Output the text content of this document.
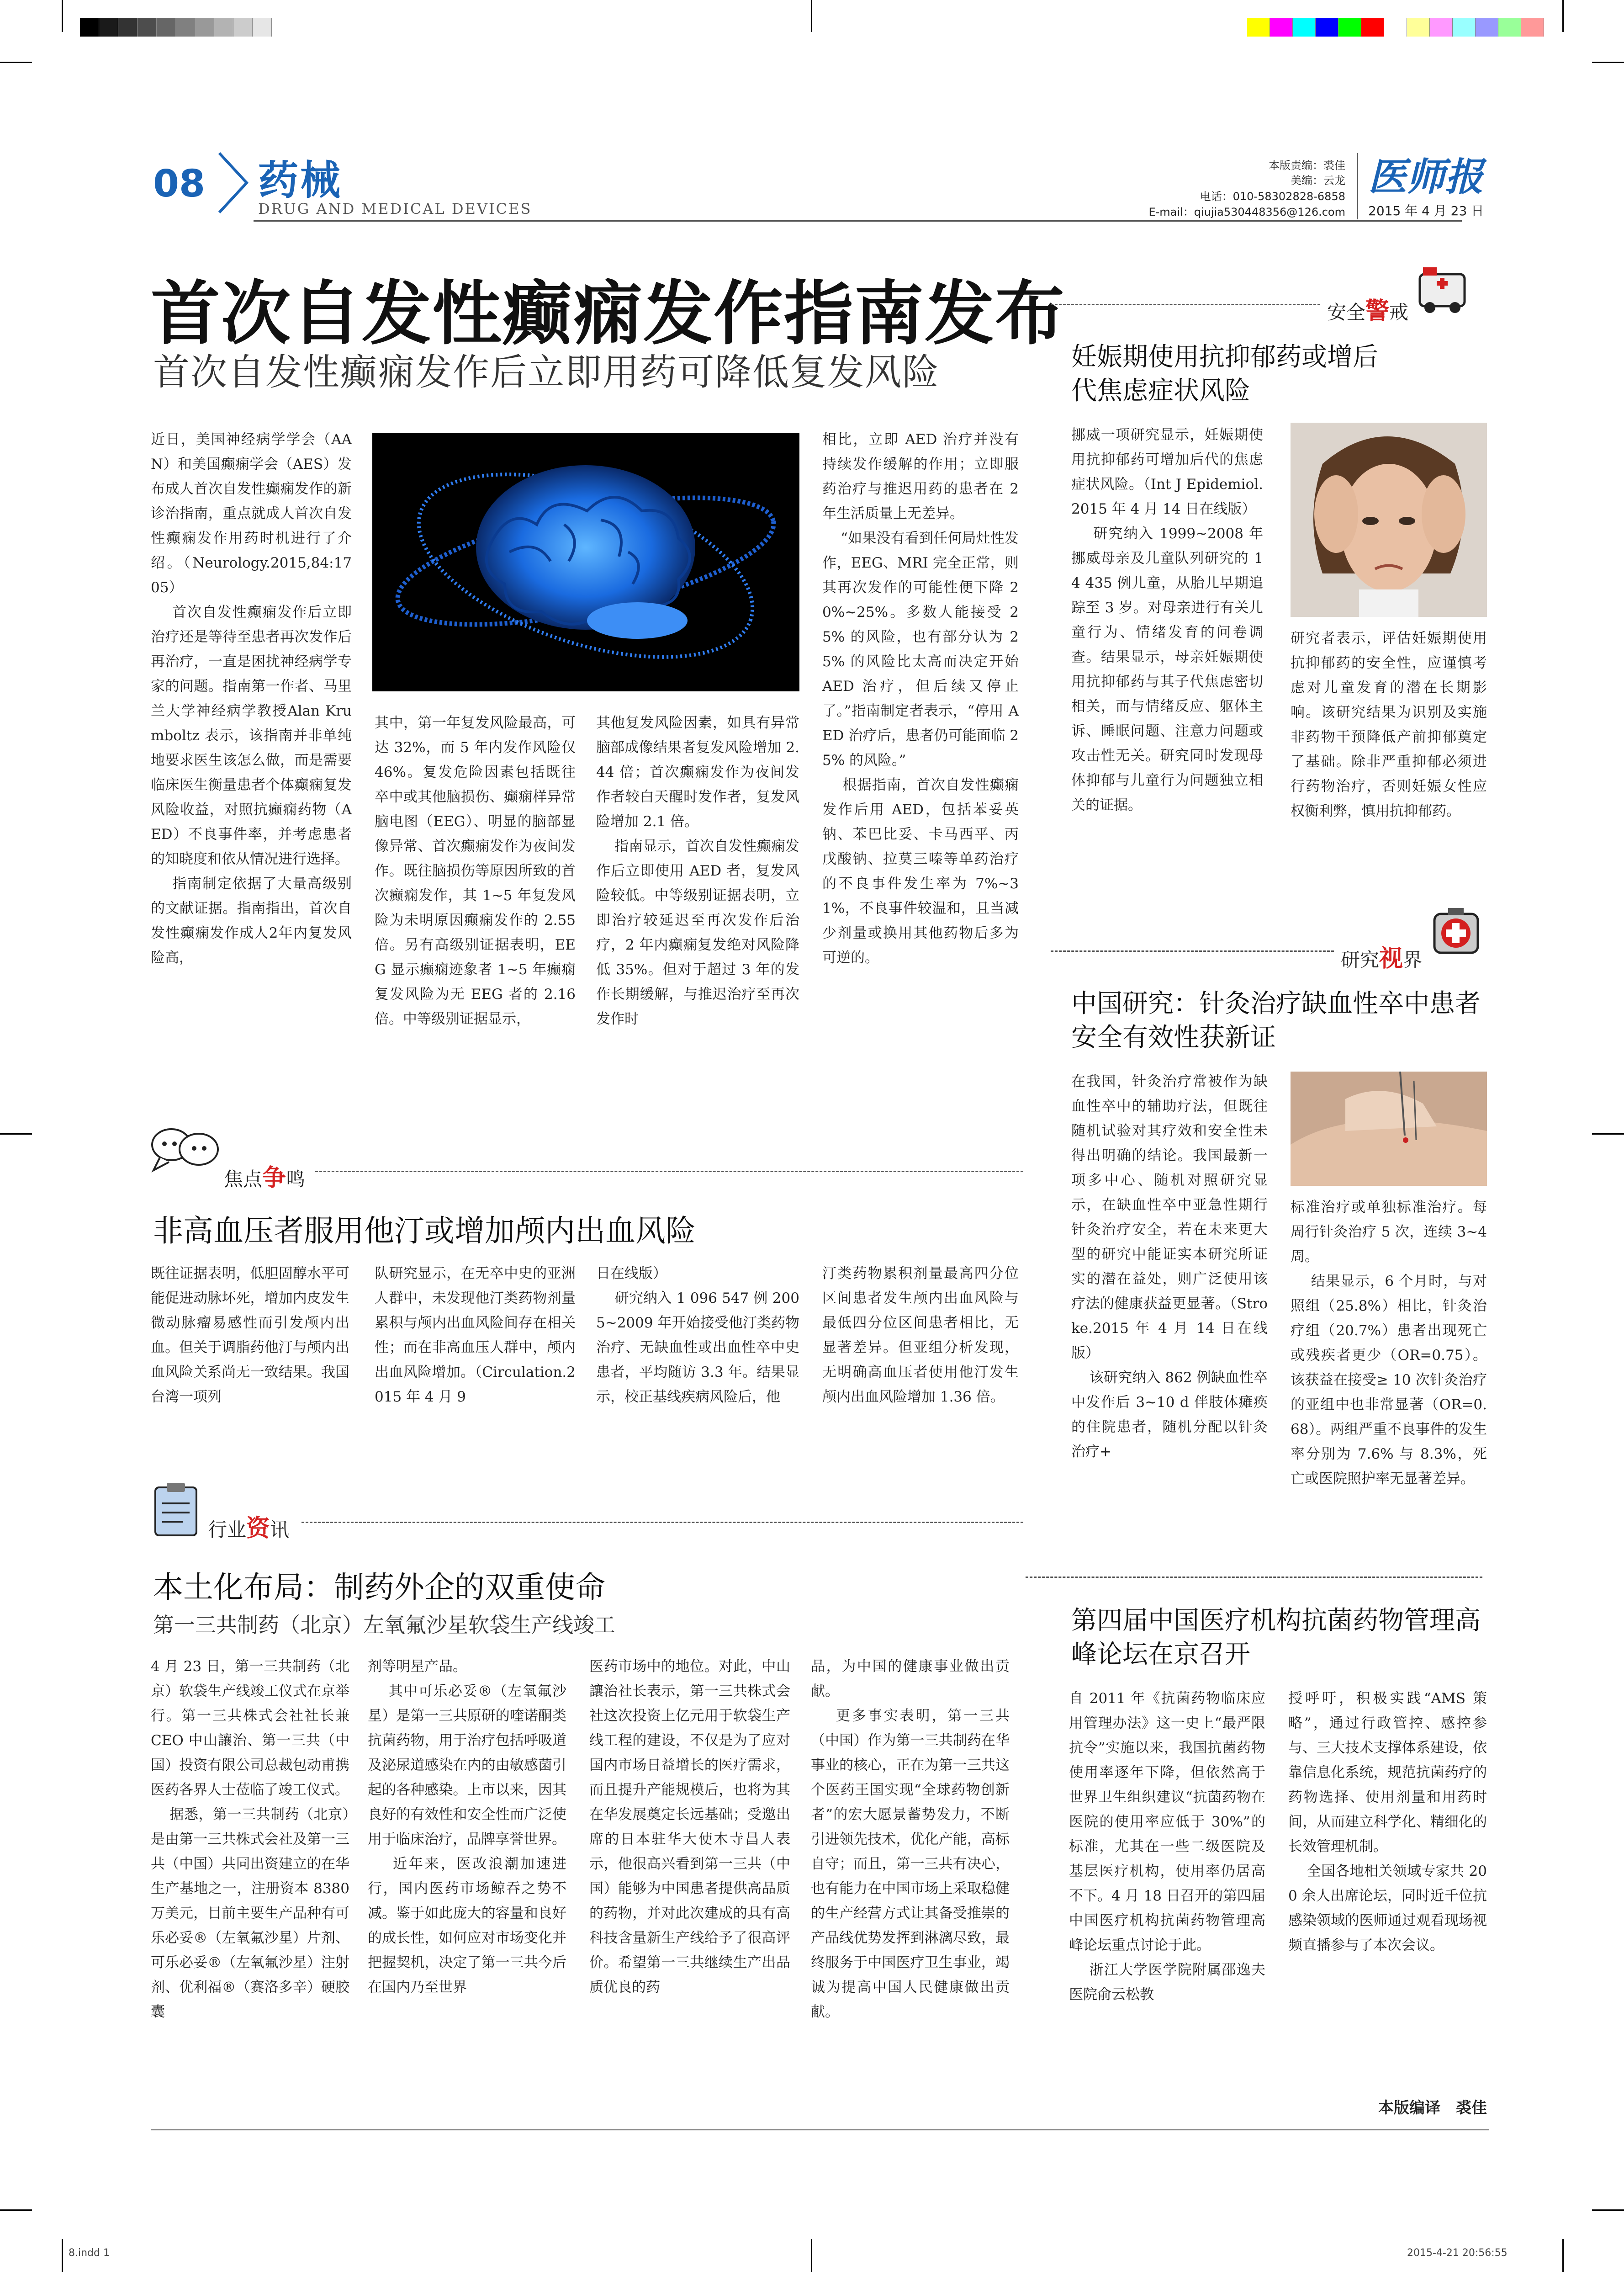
08 药械
DRUG AND MEDICAL DEVICES
本版责编：裘佳
美编：云龙
电话：010-58302828-6858
E-mail：qiujia530448356@126.com
医师报
2015 年 4 月 23 日
首次自发性癫痫发作指南发布
首次自发性癫痫发作后立即用药可降低复发风险
近日，美国神经病学学会（AAN）和美国癫痫学会（AES）发布成人首次自发性癫痫发作的新诊治指南，重点就成人首次自发性癫痫发作用药时机进行了介绍。（Neurology.2015,84:1705）
首次自发性癫痫发作后立即治疗还是等待至患者再次发作后再治疗，一直是困扰神经病学专家的问题。指南第一作者、马里兰大学神经病学教授Alan Krumboltz 表示，该指南并非单纯地要求医生该怎么做，而是需要临床医生衡量患者个体癫痫复发风险收益，对照抗癫痫药物（AED）不良事件率，并考虑患者的知晓度和依从情况进行选择。
指南制定依据了大量高级别的文献证据。指南指出，首次自发性癫痫发作成人2年内复发风险高，
其中，第一年复发风险最高，可达 32%，而 5 年内发作风险仅 46%。复发危险因素包括既往卒中或其他脑损伤、癫痫样异常脑电图（EEG）、明显的脑部显像异常、首次癫痫发作为夜间发作。既往脑损伤等原因所致的首次癫痫发作，其 1~5 年复发风险为未明原因癫痫发作的 2.55 倍。另有高级别证据表明，EEG 显示癫痫迹象者 1~5 年癫痫复发风险为无 EEG 者的 2.16 倍。中等级别证据显示，
其他复发风险因素，如具有异常脑部成像结果者复发风险增加 2.44 倍；首次癫痫发作为夜间发作者较白天醒时发作者，复发风险增加 2.1 倍。
指南显示，首次自发性癫痫发作后立即使用 AED 者，复发风险较低。中等级别证据表明，立即治疗较延迟至再次发作后治疗，2 年内癫痫复发绝对风险降低 35%。但对于超过 3 年的发作长期缓解，与推迟治疗至再次发作时
相比，立即 AED 治疗并没有持续发作缓解的作用；立即服药治疗与推迟用药的患者在 2 年生活质量上无差异。
“如果没有看到任何局灶性发作，EEG、MRI 完全正常，则其再次发作的可能性便下降 20%~25%。多数人能接受 25% 的风险，也有部分认为 25% 的风险比太高而决定开始 AED 治疗，但后续又停止了。”指南制定者表示，“停用 AED 治疗后，患者仍可能面临 25% 的风险。”
根据指南，首次自发性癫痫发作后用 AED，包括苯妥英钠、苯巴比妥、卡马西平、丙戊酸钠、拉莫三嗪等单药治疗的不良事件发生率为 7%~31%，不良事件较温和，且当减少剂量或换用其他药物后多为可逆的。
安全警戒
妊娠期使用抗抑郁药或增后代焦虑症状风险
挪威一项研究显示，妊娠期使用抗抑郁药可增加后代的焦虑症状风险。（Int J Epidemiol.2015 年 4 月 14 日在线版）
研究纳入 1999~2008 年挪威母亲及儿童队列研究的 14 435 例儿童，从胎儿早期追踪至 3 岁。对母亲进行有关儿童行为、情绪发育的问卷调查。结果显示，母亲妊娠期使用抗抑郁药与其子代焦虑密切相关，而与情绪反应、躯体主诉、睡眠问题、注意力问题或攻击性无关。研究同时发现母体抑郁与儿童行为问题独立相关的证据。
研究者表示，评估妊娠期使用抗抑郁药的安全性，应谨慎考虑对儿童发育的潜在长期影响。该研究结果为识别及实施非药物干预降低产前抑郁奠定了基础。除非严重抑郁必须进行药物治疗，否则妊娠女性应权衡利弊，慎用抗抑郁药。
研究视界
中国研究：针灸治疗缺血性卒中患者安全有效性获新证
在我国，针灸治疗常被作为缺血性卒中的辅助疗法，但既往随机试验对其疗效和安全性未得出明确的结论。我国最新一项多中心、随机对照研究显示，在缺血性卒中亚急性期行针灸治疗安全，若在未来更大型的研究中能证实本研究所证实的潜在益处，则广泛使用该疗法的健康获益更显著。（Stroke.2015 年 4 月 14 日在线版）
该研究纳入 862 例缺血性卒中发作后 3~10 d 伴肢体瘫痪的住院患者，随机分配以针灸治疗+
标准治疗或单独标准治疗。每周行针灸治疗 5 次，连续 3~4 周。
结果显示，6 个月时，与对照组（25.8%）相比，针灸治疗组（20.7%）患者出现死亡或残疾者更少（OR=0.75）。该获益在接受≥ 10 次针灸治疗的亚组中也非常显著（OR=0.68）。两组严重不良事件的发生率分别为 7.6% 与 8.3%，死亡或医院照护率无显著差异。
焦点争鸣
非高血压者服用他汀或增加颅内出血风险
既往证据表明，低胆固醇水平可能促进动脉坏死，增加内皮发生微动脉瘤易感性而引发颅内出血。但关于调脂药他汀与颅内出血风险关系尚无一致结果。我国台湾一项列
队研究显示，在无卒中史的亚洲人群中，未发现他汀类药物剂量累积与颅内出血风险间存在相关性；而在非高血压人群中，颅内出血风险增加。（Circulation.2015 年 4 月 9
日在线版）
研究纳入 1 096 547 例 2005~2009 年开始接受他汀类药物治疗、无缺血性或出血性卒中史患者，平均随访 3.3 年。结果显示，校正基线疾病风险后，他
汀类药物累积剂量最高四分位区间患者发生颅内出血风险与最低四分位区间患者相比，无显著差异。但亚组分析发现，无明确高血压者使用他汀发生颅内出血风险增加 1.36 倍。
行业资讯
本土化布局：制药外企的双重使命
第一三共制药（北京）左氧氟沙星软袋生产线竣工
4 月 23 日，第一三共制药（北京）软袋生产线竣工仪式在京举行。第一三共株式会社社长兼 CEO 中山讓治、第一三共（中国）投资有限公司总裁包动甫携医药各界人士莅临了竣工仪式。
据悉，第一三共制药（北京）是由第一三共株式会社及第一三共（中国）共同出资建立的在华生产基地之一，注册资本 8380 万美元，目前主要生产品种有可乐必妥®（左氧氟沙星）片剂、可乐必妥®（左氧氟沙星）注射剂、优利福®（赛洛多辛）硬胶囊
剂等明星产品。
其中可乐必妥®（左氧氟沙星）是第一三共原研的喹诺酮类抗菌药物，用于治疗包括呼吸道及泌尿道感染在内的由敏感菌引起的各种感染。上市以来，因其良好的有效性和安全性而广泛使用于临床治疗，品牌享誉世界。
近年来，医改浪潮加速进行，国内医药市场鲸吞之势不减。鉴于如此庞大的容量和良好的成长性，如何应对市场变化并把握契机，决定了第一三共今后在国内乃至世界
医药市场中的地位。对此，中山讓治社长表示，第一三共株式会社这次投资上亿元用于软袋生产线工程的建设，不仅是为了应对国内市场日益增长的医疗需求，而且提升产能规模后，也将为其在华发展奠定长远基础；受邀出席的日本驻华大使木寺昌人表示，他很高兴看到第一三共（中国）能够为中国患者提供高品质的药物，并对此次建成的具有高科技含量新生产线给予了很高评价。希望第一三共继续生产出品质优良的药
品，为中国的健康事业做出贡献。
更多事实表明，第一三共（中国）作为第一三共制药在华事业的核心，正在为第一三共这个医药王国实现“全球药物创新者”的宏大愿景蓄势发力，不断引进领先技术，优化产能，高标自守；而且，第一三共有决心，也有能力在中国市场上采取稳健的生产经营方式让其备受推崇的产品线优势发挥到淋漓尽致，最终服务于中国医疗卫生事业，竭诚为提高中国人民健康做出贡献。
第四届中国医疗机构抗菌药物管理高峰论坛在京召开
自 2011 年《抗菌药物临床应用管理办法》这一史上“最严限抗令”实施以来，我国抗菌药物使用率逐年下降，但依然高于世界卫生组织建议“抗菌药物在医院的使用率应低于 30%”的标准，尤其在一些二级医院及基层医疗机构，使用率仍居高不下。4 月 18 日召开的第四届中国医疗机构抗菌药物管理高峰论坛重点讨论于此。
浙江大学医学院附属邵逸夫医院俞云松教
授呼吁，积极实践“AMS 策略”，通过行政管控、感控参与、三大技术支撑体系建设，依靠信息化系统，规范抗菌药疗的药物选择、使用剂量和用药时间，从而建立科学化、精细化的长效管理机制。
全国各地相关领域专家共 200 余人出席论坛，同时近千位抗感染领域的医师通过观看现场视频直播参与了本次会议。
本版编译　裘佳
8.indd 1	2015-4-21 20:56:55
